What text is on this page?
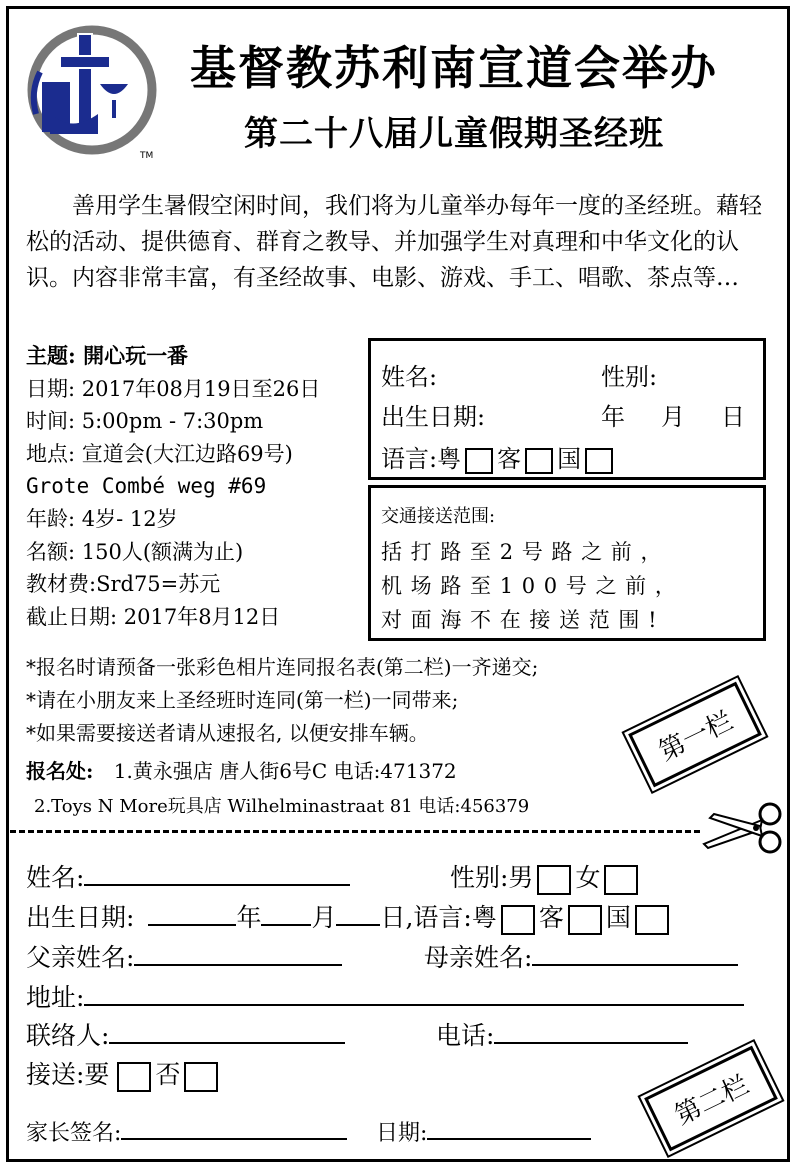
TM
基督教苏利南宣道会举办
第二十八届儿童假期圣经班
善用学生暑假空闲时间，我们将为儿童举办每年一度的圣经班。藉轻松的活动、提供德育、群育之教导、并加强学生对真理和中华文化的认识。内容非常丰富，有圣经故事、电影、游戏、手工、唱歌、茶点等…
主题: 開心玩一番
日期: 2017年08月19日至26日
时间: 5:00pm - 7:30pm
地点: 宣道会(大江边路69号)
Grote Combé weg #69
年龄: 4岁- 12岁
名额: 150人(额满为止)
教材费:Srd75=苏元
截止日期: 2017年8月12日
*报名时请预备一张彩色相片连同报名表(第二栏)一齐递交;
*请在小朋友来上圣经班时连同(第一栏)一同带来;
*如果需要接送者请从速报名, 以便安排车辆。
报名处: 1.黄永强店 唐人街6号C 电话:471372
2.Toys N More玩具店 Wilhelminastraat 81 电话:456379
姓名:	性别:
出生日期:	年 月 日
语言:粤 客 国
交通接送范围:
括 打 路 至 2 号 路 之 前 ，
机 场 路 至 1 0 0 号 之 前 ，
对 面 海 不 在 接 送 范 围 !
第一栏
姓名:	性别:男 女
出生日期:	年 月 日,语言:粤 客 国
父亲姓名:	母亲姓名:
地址:
联络人:	电话:
接送:要 否
家长签名:	日期:
第二栏
